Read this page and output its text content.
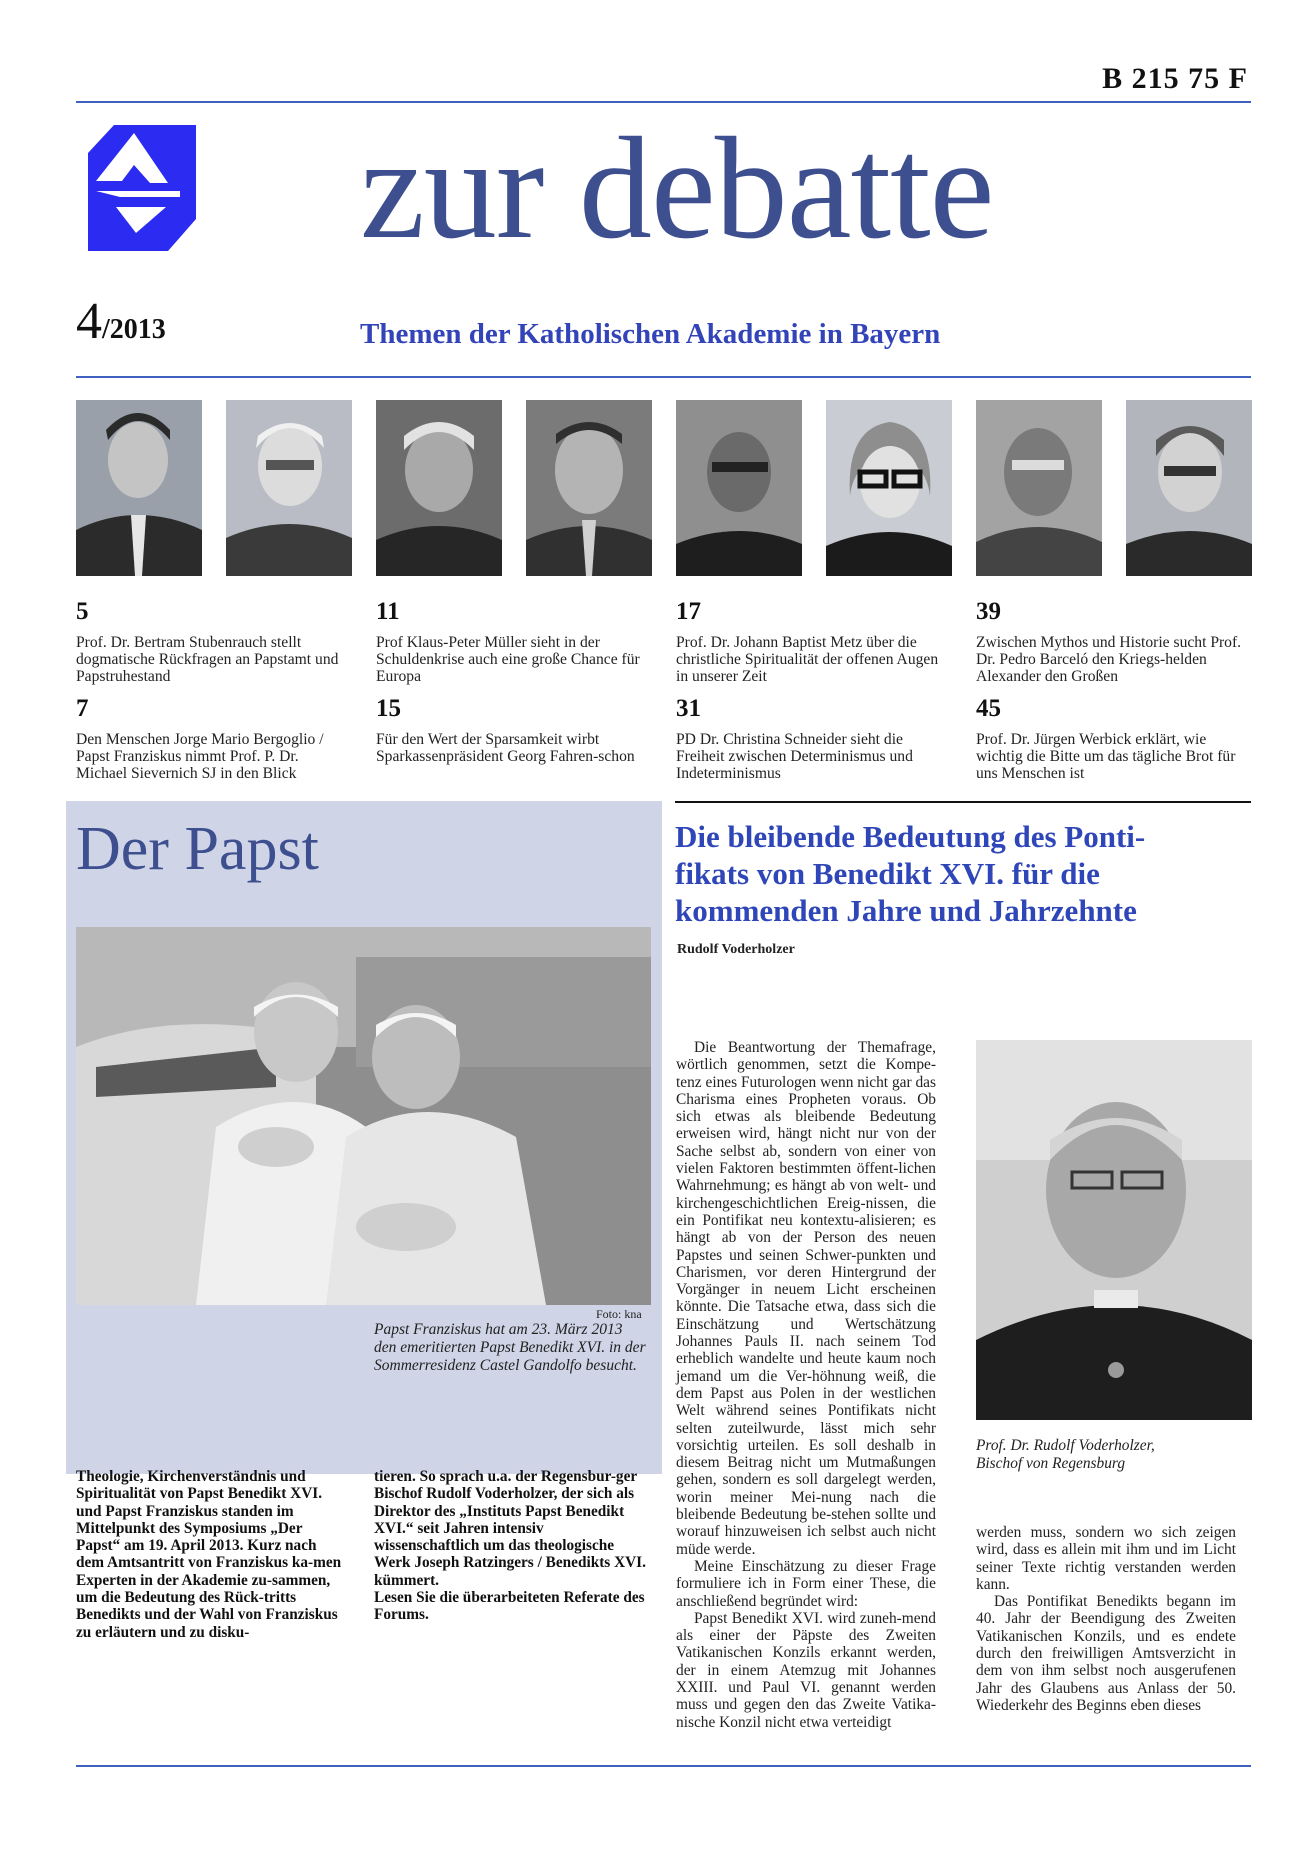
B 215 75 F
zur debatte
4/2013	Themen der Katholischen Akademie in Bayern
5
Prof. Dr. Bertram Stubenrauch stellt dogmatische Rückfragen an Papstamt und Papstruhestand
11
Prof Klaus-Peter Müller sieht in der Schuldenkrise auch eine große Chance für Europa
17
Prof. Dr. Johann Baptist Metz über die christliche Spiritualität der offenen Augen in unserer Zeit
39
Zwischen Mythos und Historie sucht Prof. Dr. Pedro Barceló den Kriegs-helden Alexander den Großen
7
Den Menschen Jorge Mario Bergoglio / Papst Franziskus nimmt Prof. P. Dr. Michael Sievernich SJ in den Blick
15
Für den Wert der Sparsamkeit wirbt Sparkassenpräsident Georg Fahren-schon
31
PD Dr. Christina Schneider sieht die Freiheit zwischen Determinismus und Indeterminismus
45
Prof. Dr. Jürgen Werbick erklärt, wie wichtig die Bitte um das tägliche Brot für uns Menschen ist
Der Papst
Foto: kna
Papst Franziskus hat am 23. März 2013 den emeritierten Papst Benedikt XVI. in der Sommerresidenz Castel Gandolfo besucht.
Theologie, Kirchenverständnis und Spiritualität von Papst Benedikt XVI. und Papst Franziskus standen im Mittelpunkt des Symposiums „Der Papst“ am 19. April 2013. Kurz nach dem Amtsantritt von Franziskus ka-men Experten in der Akademie zu-sammen, um die Bedeutung des Rück-tritts Benedikts und der Wahl von Franziskus zu erläutern und zu disku-
tieren. So sprach u.a. der Regensbur-ger Bischof Rudolf Voderholzer, der sich als Direktor des „Instituts Papst Benedikt XVI.“ seit Jahren intensiv wissenschaftlich um das theologische Werk Joseph Ratzingers / Benedikts XVI. kümmert.
Lesen Sie die überarbeiteten Referate des Forums.
Die bleibende Bedeutung des Ponti-fikats von Benedikt XVI. für die kommenden Jahre und Jahrzehnte
Rudolf Voderholzer

Die Beantwortung der Themafrage, wörtlich genommen, setzt die Kompe-tenz eines Futurologen wenn nicht gar das Charisma eines Propheten voraus. Ob sich etwas als bleibende Bedeutung erweisen wird, hängt nicht nur von der Sache selbst ab, sondern von einer von vielen Faktoren bestimmten öffent-lichen Wahrnehmung; es hängt ab von welt- und kirchengeschichtlichen Ereig-nissen, die ein Pontifikat neu kontextu-alisieren; es hängt ab von der Person des neuen Papstes und seinen Schwer-punkten und Charismen, vor deren Hintergrund der Vorgänger in neuem Licht erscheinen könnte. Die Tatsache etwa, dass sich die Einschätzung und Wertschätzung Johannes Pauls II. nach seinem Tod erheblich wandelte und heute kaum noch jemand um die Ver-höhnung weiß, die dem Papst aus Polen in der westlichen Welt während seines Pontifikats nicht selten zuteilwurde, lässt mich sehr vorsichtig urteilen. Es soll deshalb in diesem Beitrag nicht um Mutmaßungen gehen, sondern es soll dargelegt werden, worin meiner Mei-nung nach die bleibende Bedeutung be-stehen sollte und worauf hinzuweisen ich selbst auch nicht müde werde.

Meine Einschätzung zu dieser Frage formuliere ich in Form einer These, die anschließend begründet wird:

Papst Benedikt XVI. wird zuneh-mend als einer der Päpste des Zweiten Vatikanischen Konzils erkannt werden, der in einem Atemzug mit Johannes XXIII. und Paul VI. genannt werden muss und gegen den das Zweite Vatika-nische Konzil nicht etwa verteidigt

Prof. Dr. Rudolf Voderholzer,
Bischof von Regensburg

werden muss, sondern wo sich zeigen wird, dass es allein mit ihm und im Licht seiner Texte richtig verstanden werden kann.

Das Pontifikat Benedikts begann im 40. Jahr der Beendigung des Zweiten Vatikanischen Konzils, und es endete durch den freiwilligen Amtsverzicht in dem von ihm selbst noch ausgerufenen Jahr des Glaubens aus Anlass der 50. Wiederkehr des Beginns eben dieses
